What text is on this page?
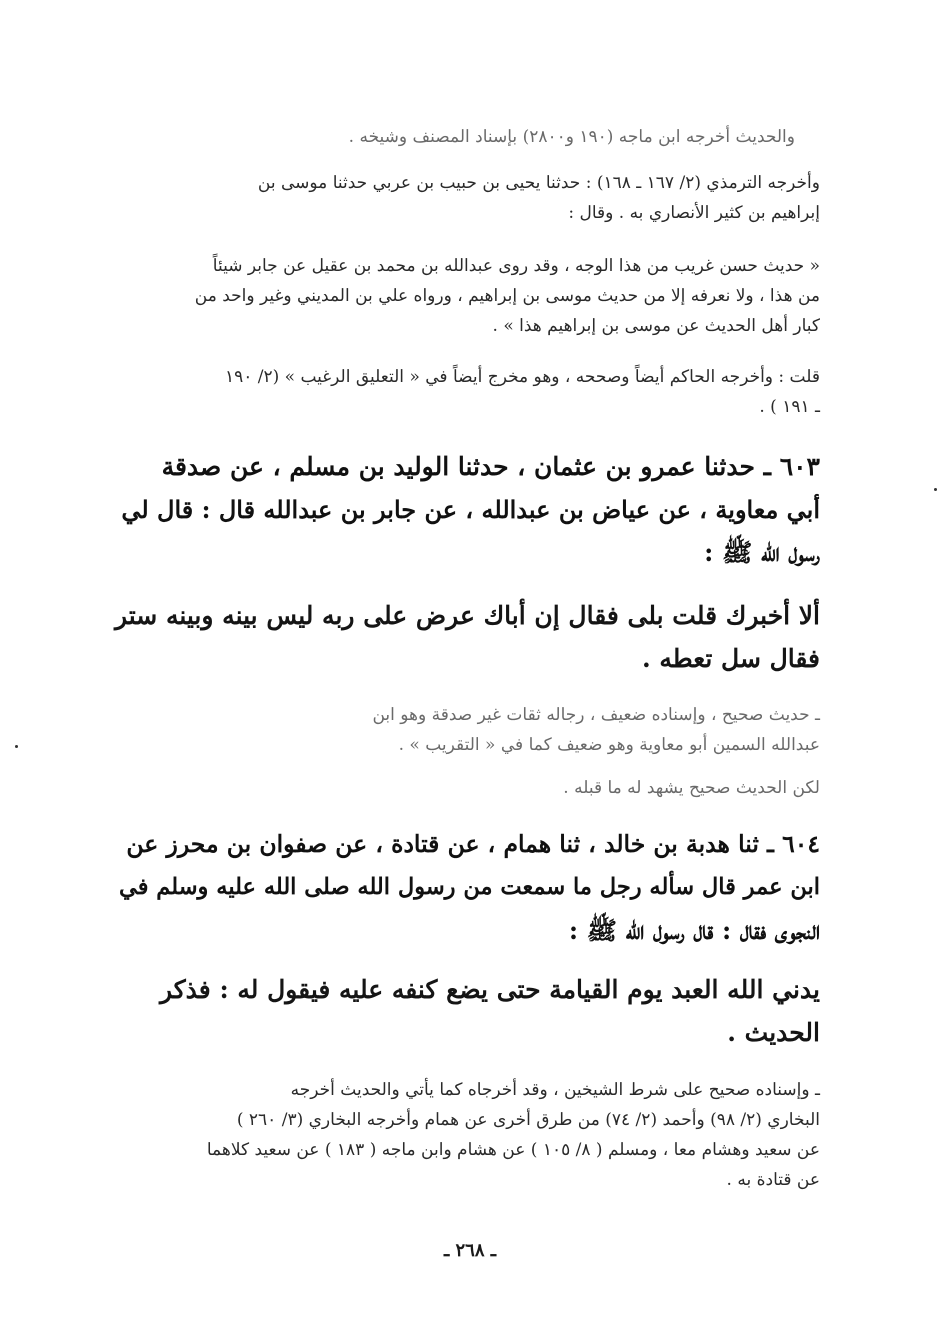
والحديث أخرجه ابن ماجه (١٩٠ و٢٨٠٠) بإسناد المصنف وشيخه .
وأخرجه الترمذي (٢/ ١٦٧ ـ ١٦٨) : حدثنا يحيى بن حبيب بن عربي حدثنا موسى بن
إبراهيم بن كثير الأنصاري به . وقال :
« حديث حسن غريب من هذا الوجه ، وقد روى عبدالله بن محمد بن عقيل عن جابر شيئاً
من هذا ، ولا نعرفه إلا من حديث موسى بن إبراهيم ، ورواه علي بن المديني وغير واحد من
كبار أهل الحديث عن موسى بن إبراهيم هذا » .
قلت : وأخرجه الحاكم أيضاً وصححه ، وهو مخرج أيضاً في « التعليق الرغيب » (٢/ ١٩٠
ـ ١٩١ ) .
٦٠٣ ـ حدثنا عمرو بن عثمان ، حدثنا الوليد بن مسلم ، عن صدقة
أبي معاوية ، عن عياض بن عبدالله ، عن جابر بن عبدالله قال : قال لي
رسول الله ﷺ :
ألا أخبرك قلت بلى فقال إن أباك عرض على ربه ليس بينه وبينه ستر
فقال سل تعطه .
ـ حديث صحيح ، وإسناده ضعيف ، رجاله ثقات غير صدقة وهو ابن
عبدالله السمين أبو معاوية وهو ضعيف كما في « التقريب » .
لكن الحديث صحيح يشهد له ما قبله .
٦٠٤ ـ ثنا هدبة بن خالد ، ثنا همام ، عن قتادة ، عن صفوان بن محرز عن
ابن عمر قال سأله رجل ما سمعت من رسول الله صلى الله عليه وسلم في
النجوى فقال : قال رسول الله ﷺ :
يدني الله العبد يوم القيامة حتى يضع كنفه عليه فيقول له : فذكر
الحديث .
ـ وإسناده صحيح على شرط الشيخين ، وقد أخرجاه كما يأتي والحديث أخرجه
البخاري (٢/ ٩٨) وأحمد (٢/ ٧٤) من طرق أخرى عن همام وأخرجه البخاري (٣/ ٢٦٠ )
عن سعيد وهشام معا ، ومسلم ( ٨/ ١٠٥ ) عن هشام وابن ماجه ( ١٨٣ ) عن سعيد كلاهما
عن قتادة به .
ـ ٢٦٨ ـ
